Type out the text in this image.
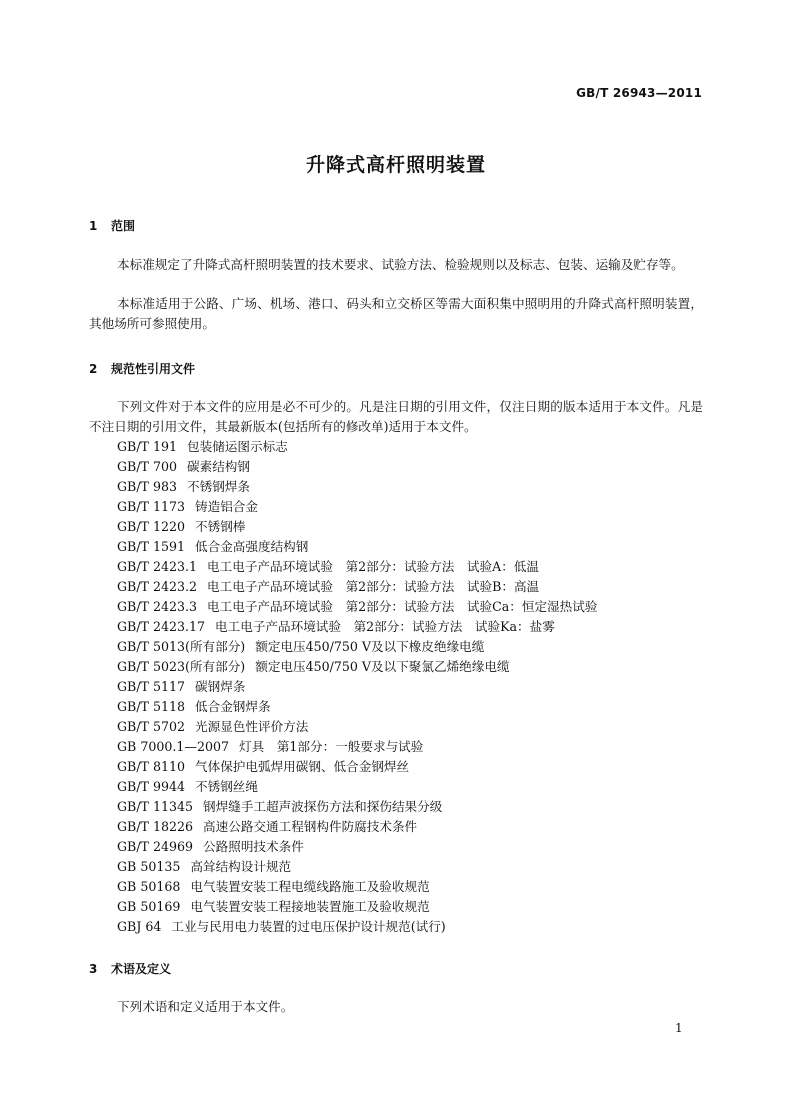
GB/T 26943—2011
升降式高杆照明装置
1 范围

本标准规定了升降式高杆照明装置的技术要求、试验方法、检验规则以及标志、包装、运输及贮存等。

本标准适用于公路、广场、机场、港口、码头和立交桥区等需大面积集中照明用的升降式高杆照明装置，其他场所可参照使用。

2 规范性引用文件

下列文件对于本文件的应用是必不可少的。凡是注日期的引用文件，仅注日期的版本适用于本文件。凡是不注日期的引用文件，其最新版本(包括所有的修改单)适用于本文件。

GB/T 191 包装储运图示标志
GB/T 700 碳素结构钢
GB/T 983 不锈钢焊条
GB/T 1173 铸造铝合金
GB/T 1220 不锈钢棒
GB/T 1591 低合金高强度结构钢
GB/T 2423.1 电工电子产品环境试验　第2部分：试验方法　试验A：低温
GB/T 2423.2 电工电子产品环境试验　第2部分：试验方法　试验B：高温
GB/T 2423.3 电工电子产品环境试验　第2部分：试验方法　试验Ca：恒定湿热试验
GB/T 2423.17 电工电子产品环境试验　第2部分：试验方法　试验Ka：盐雾
GB/T 5013(所有部分) 额定电压450/750 V及以下橡皮绝缘电缆
GB/T 5023(所有部分) 额定电压450/750 V及以下聚氯乙烯绝缘电缆
GB/T 5117 碳钢焊条
GB/T 5118 低合金钢焊条
GB/T 5702 光源显色性评价方法
GB 7000.1—2007 灯具　第1部分：一般要求与试验
GB/T 8110 气体保护电弧焊用碳钢、低合金钢焊丝
GB/T 9944 不锈钢丝绳
GB/T 11345 钢焊缝手工超声波探伤方法和探伤结果分级
GB/T 18226 高速公路交通工程钢构件防腐技术条件
GB/T 24969 公路照明技术条件
GB 50135 高耸结构设计规范
GB 50168 电气装置安装工程电缆线路施工及验收规范
GB 50169 电气装置安装工程接地装置施工及验收规范
GBJ 64 工业与民用电力装置的过电压保护设计规范(试行)
3 术语及定义

下列术语和定义适用于本文件。

1
